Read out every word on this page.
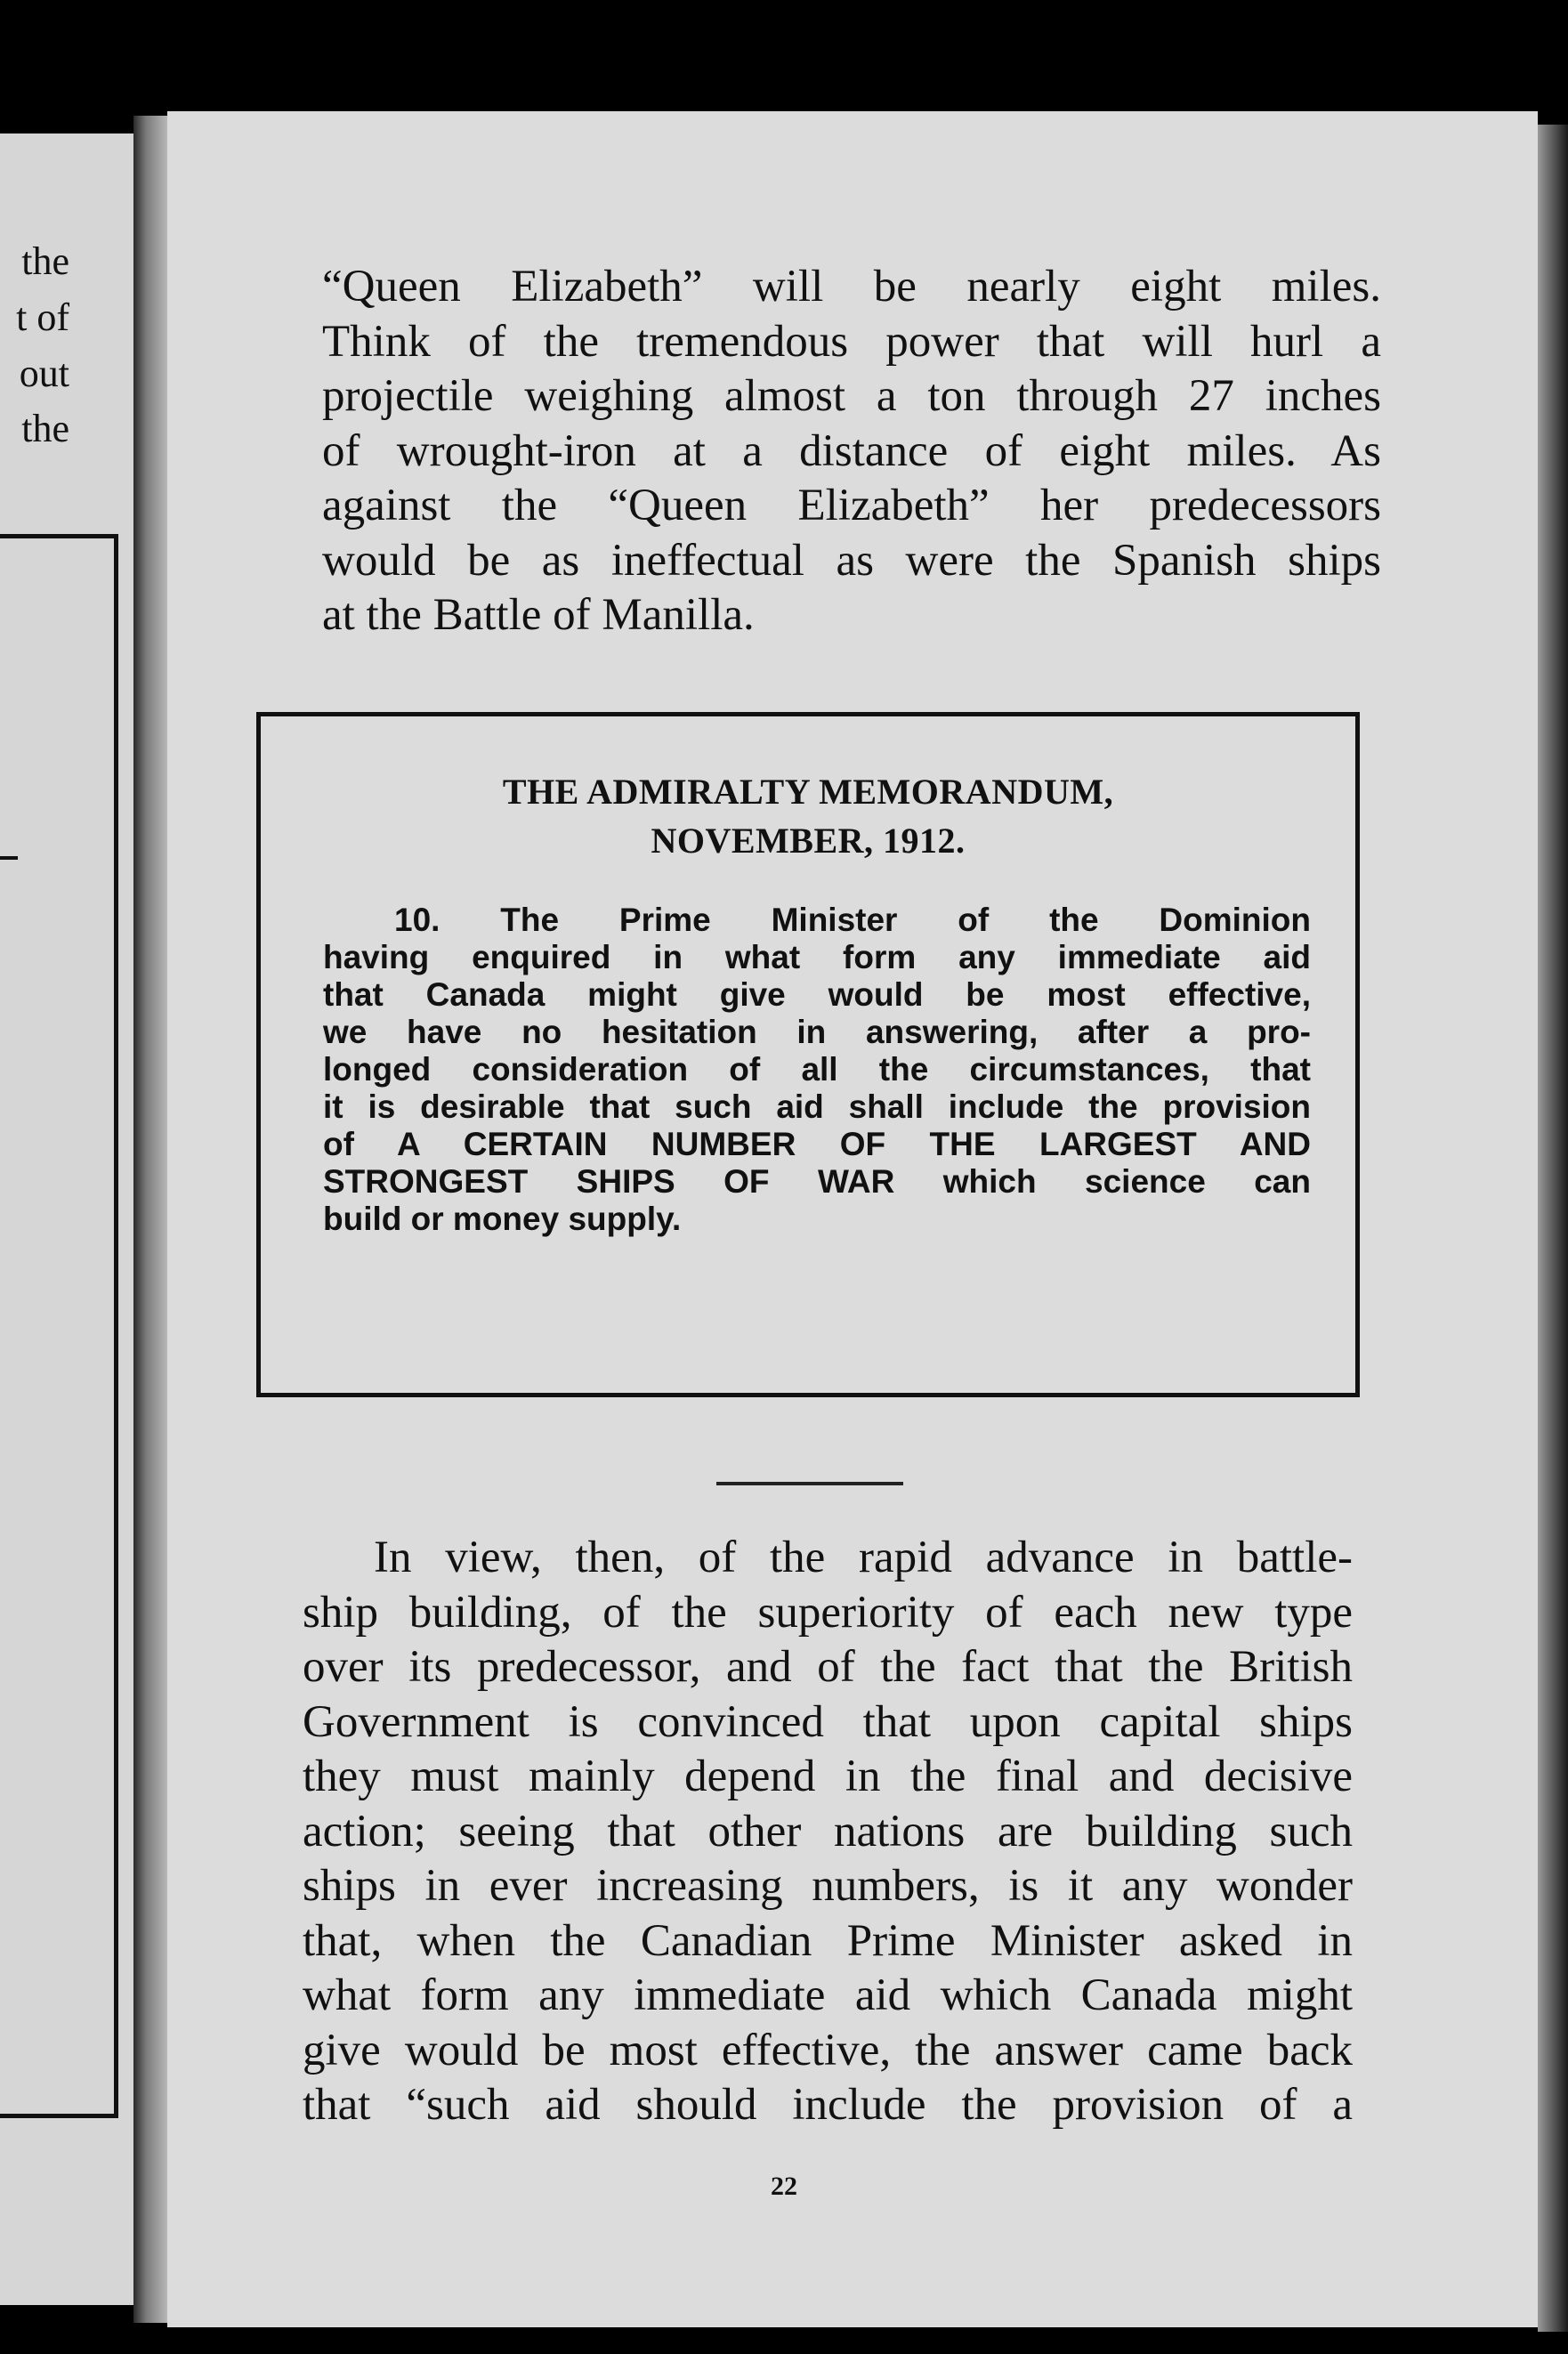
the
t of
out
the
“Queen Elizabeth” will be nearly eight miles.
Think of the tremendous power that will hurl a
projectile weighing almost a ton through 27 inches
of wrought-iron at a distance of eight miles. As
against the “Queen Elizabeth” her predecessors
would be as ineffectual as were the Spanish ships
at the Battle of Manilla.
THE ADMIRALTY MEMORANDUM,
NOVEMBER, 1912.
10. The Prime Minister of the Dominion
having enquired in what form any immediate aid
that Canada might give would be most effective,
we have no hesitation in answering, after a pro-
longed consideration of all the circumstances, that
it is desirable that such aid shall include the provision
of A CERTAIN NUMBER OF THE LARGEST AND
STRONGEST SHIPS OF WAR which science can
build or money supply.
In view, then, of the rapid advance in battle-
ship building, of the superiority of each new type
over its predecessor, and of the fact that the British
Government is convinced that upon capital ships
they must mainly depend in the final and decisive
action; seeing that other nations are building such
ships in ever increasing numbers, is it any wonder
that, when the Canadian Prime Minister asked in
what form any immediate aid which Canada might
give would be most effective, the answer came back
that “such aid should include the provision of a
22
